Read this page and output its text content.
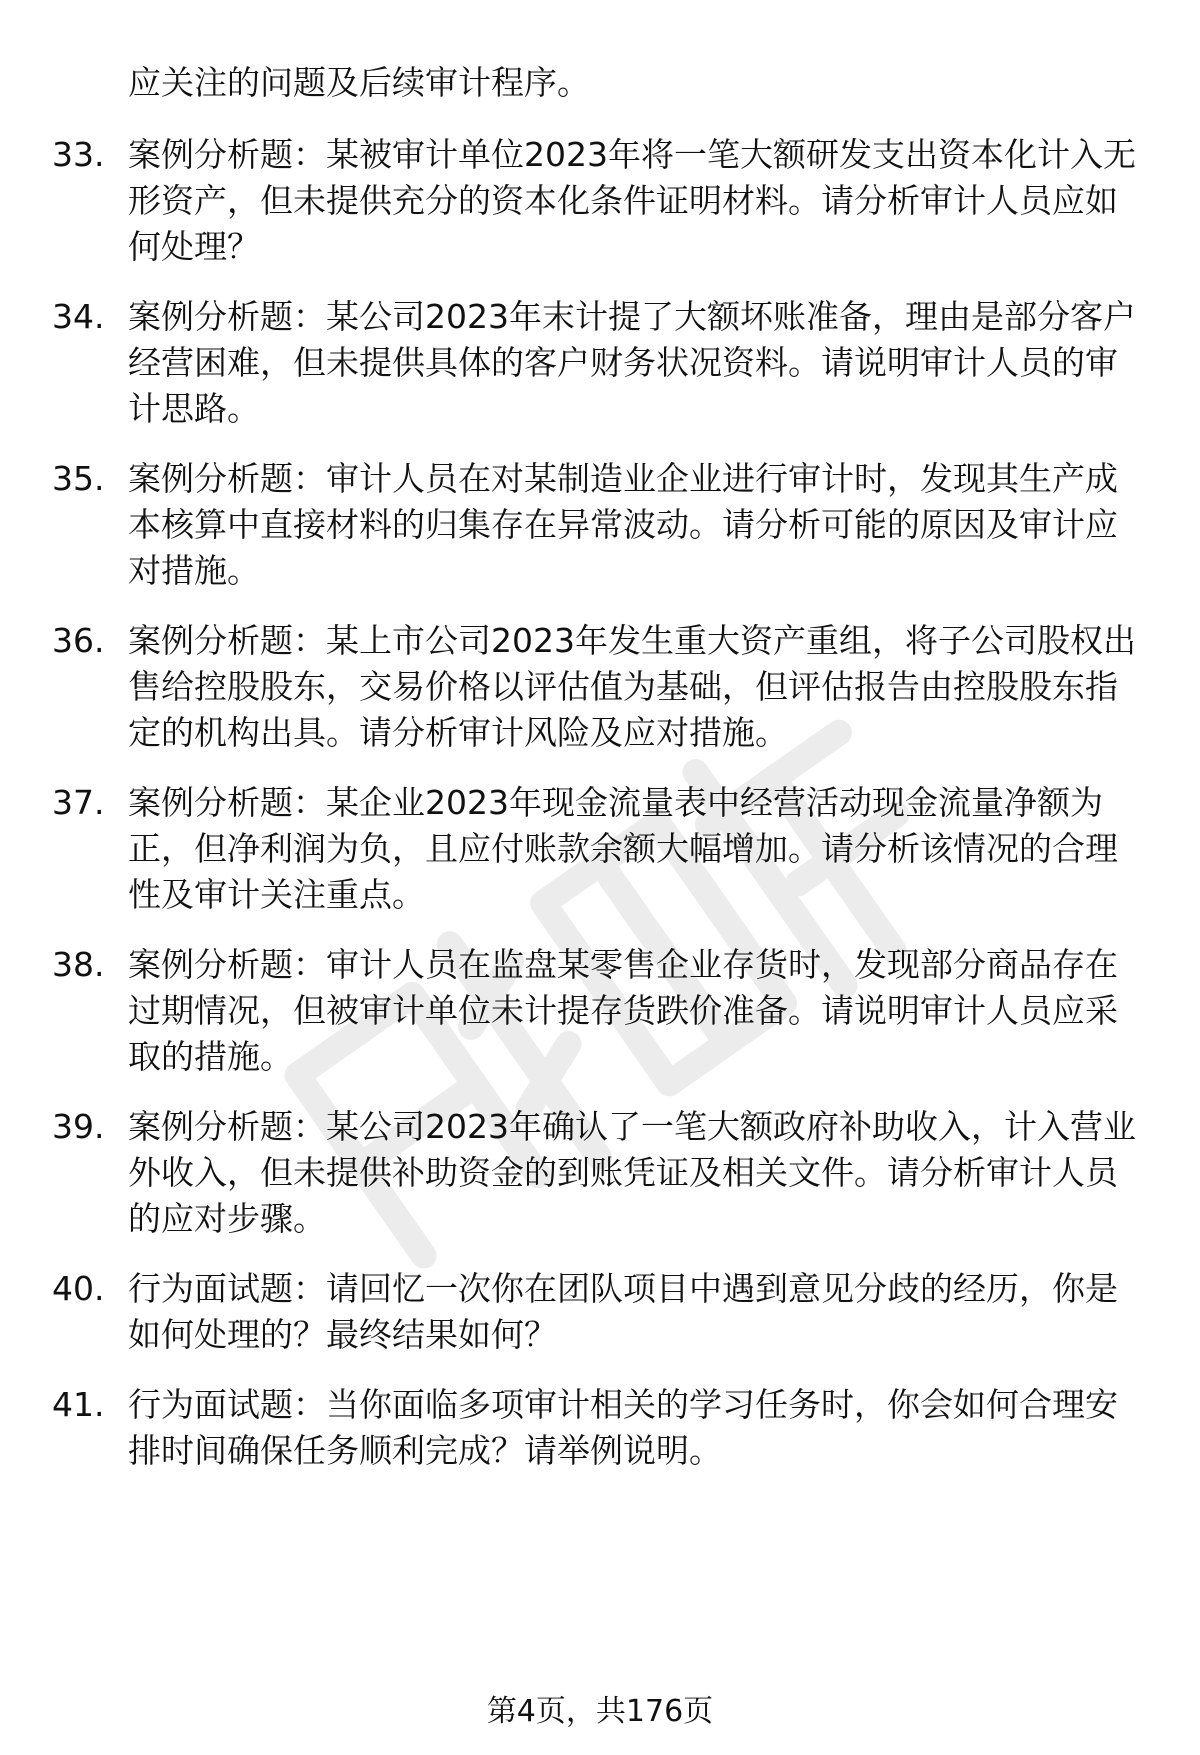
应关注的问题及后续审计程序。

33. 案例分析题：某被审计单位2023年将一笔大额研发支出资本化计入无形资产，但未提供充分的资本化条件证明材料。请分析审计人员应如何处理？

34. 案例分析题：某公司2023年末计提了大额坏账准备，理由是部分客户经营困难，但未提供具体的客户财务状况资料。请说明审计人员的审计思路。

35. 案例分析题：审计人员在对某制造业企业进行审计时，发现其生产成本核算中直接材料的归集存在异常波动。请分析可能的原因及审计应对措施。

36. 案例分析题：某上市公司2023年发生重大资产重组，将子公司股权出售给控股股东，交易价格以评估值为基础，但评估报告由控股股东指定的机构出具。请分析审计风险及应对措施。

37. 案例分析题：某企业2023年现金流量表中经营活动现金流量净额为正，但净利润为负，且应付账款余额大幅增加。请分析该情况的合理性及审计关注重点。

38. 案例分析题：审计人员在监盘某零售企业存货时，发现部分商品存在过期情况，但被审计单位未计提存货跌价准备。请说明审计人员应采取的措施。

39. 案例分析题：某公司2023年确认了一笔大额政府补助收入，计入营业外收入，但未提供补助资金的到账凭证及相关文件。请分析审计人员的应对步骤。

40. 行为面试题：请回忆一次你在团队项目中遇到意见分歧的经历，你是如何处理的？最终结果如何？

41. 行为面试题：当你面临多项审计相关的学习任务时，你会如何合理安排时间确保任务顺利完成？请举例说明。

第4页，共176页
